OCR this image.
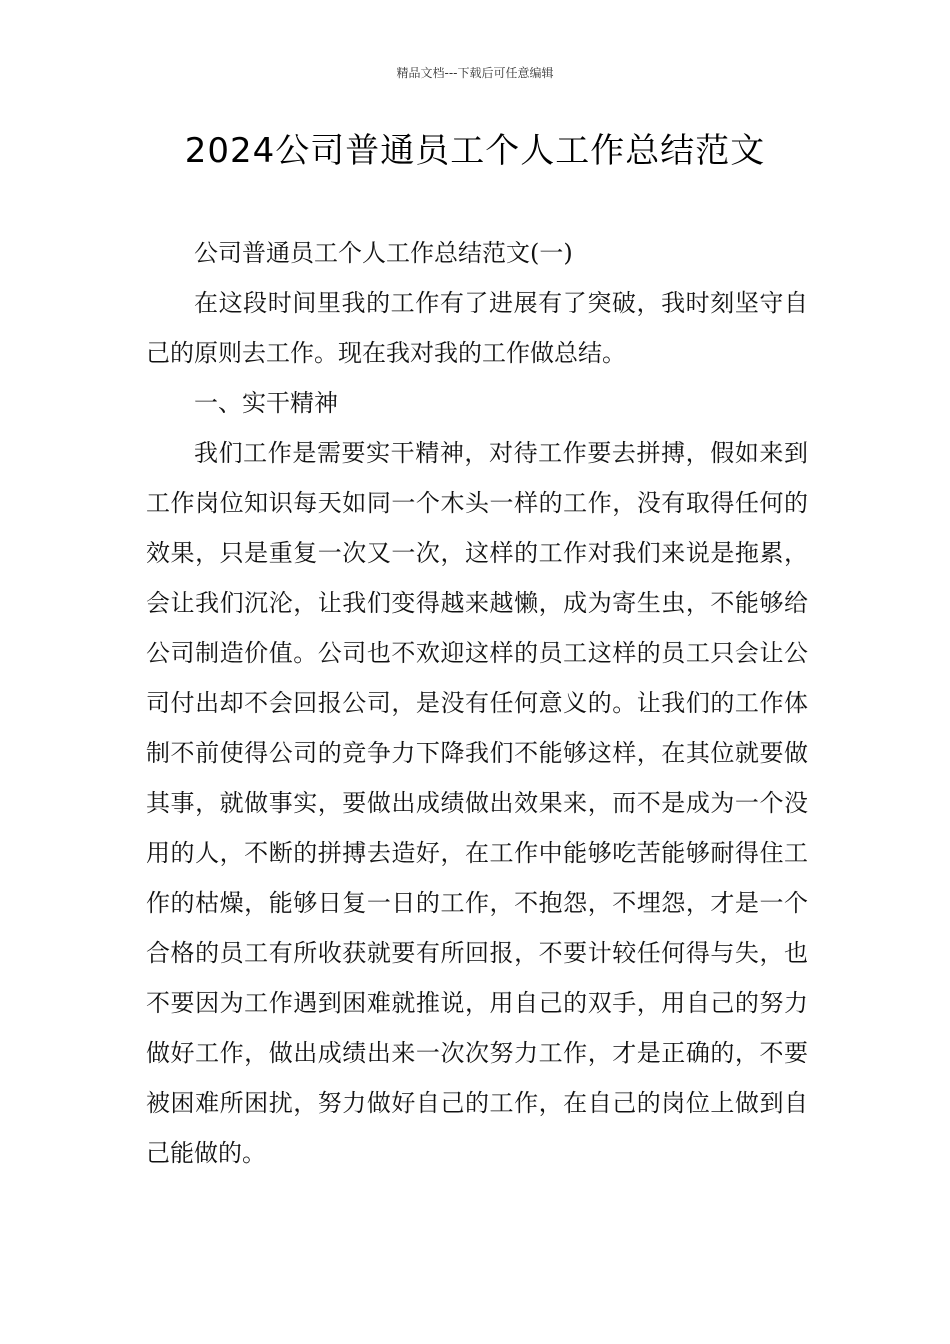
精品文档---下载后可任意编辑
2024公司普通员工个人工作总结范文

公司普通员工个人工作总结范文(一)

在这段时间里我的工作有了进展有了突破，我时刻坚守自己的原则去工作。现在我对我的工作做总结。

一、实干精神

我们工作是需要实干精神，对待工作要去拼搏，假如来到工作岗位知识每天如同一个木头一样的工作，没有取得任何的效果，只是重复一次又一次，这样的工作对我们来说是拖累，会让我们沉沦，让我们变得越来越懒，成为寄生虫，不能够给公司制造价值。公司也不欢迎这样的员工这样的员工只会让公司付出却不会回报公司，是没有任何意义的。让我们的工作体制不前使得公司的竞争力下降我们不能够这样，在其位就要做其事，就做事实，要做出成绩做出效果来，而不是成为一个没用的人，不断的拼搏去造好，在工作中能够吃苦能够耐得住工作的枯燥，能够日复一日的工作，不抱怨，不埋怨，才是一个合格的员工有所收获就要有所回报，不要计较任何得与失，也不要因为工作遇到困难就推说，用自己的双手，用自己的努力做好工作，做出成绩出来一次次努力工作，才是正确的，不要被困难所困扰，努力做好自己的工作，在自己的岗位上做到自己能做的。
